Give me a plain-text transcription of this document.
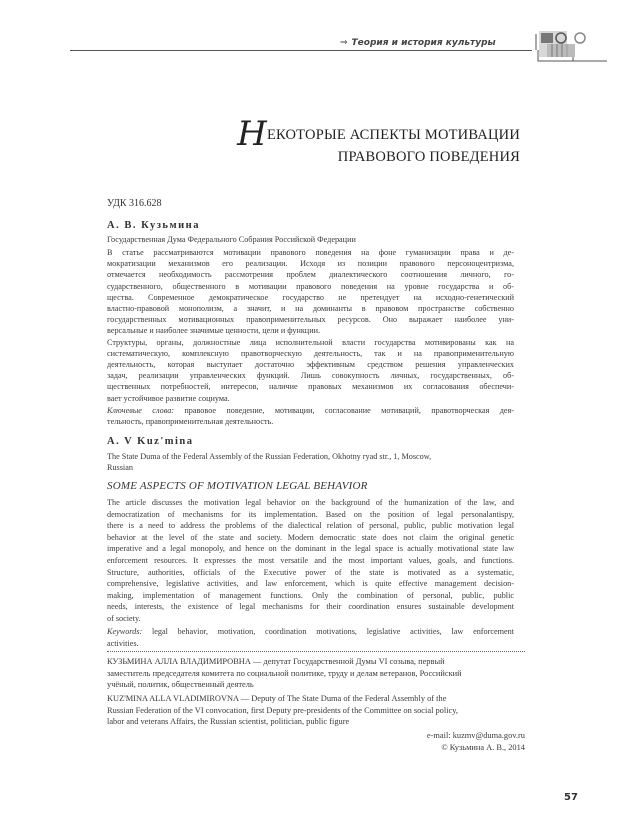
⇒ Теория и история культуры
НЕКОТОРЫЕ АСПЕКТЫ МОТИВАЦИИ
ПРАВОВОГО ПОВЕДЕНИЯ
УДК 316.628
А. В. Кузьмина
Государственная Дума Федерального Собрания Российской Федерации
В статье рассматриваются мотивации правового поведения на фоне гуманизации права и де-
мократизации механизмов его реализации. Исходя из позиции правового персоноцентризма,
отмечается необходимость рассмотрения проблем диалектического соотношения личного, го-
сударственного, общественного в мотивации правового поведения на уровне государства и об-
щества. Современное демократическое государство не претендует на исходно-генетический
властно-правовой монополизм, а значит, и на доминанты в правовом пространстве собственно
государственных мотивационных правоприменительных ресурсов. Оно выражает наиболее уни-
версальные и наиболее значимые ценности, цели и функции.
Структуры, органы, должностные лица исполнительной власти государства мотивированы как на
систематическую, комплексную правотворческую деятельность, так и на правоприменительную
деятельность, которая выступает достаточно эффективным средством решения управленческих
задач, реализации управленческих функций. Лишь совокупность личных, государственных, об-
щественных потребностей, интересов, наличие правовых механизмов их согласования обеспечи-
вает устойчивое развитие социума.
Ключевые слова: правовое поведение, мотивации, согласование мотиваций, правотворческая дея-
тельность, правоприменительная деятельность.
A. V Kuz'mina
The State Duma of the Federal Assembly of the Russian Federation, Okhotny ryad str., 1, Moscow,
Russian
SOME ASPECTS OF MOTIVATION LEGAL BEHAVIOR
The article discusses the motivation legal behavior on the background of the humanization of the law, and
democratization of mechanisms for its implementation. Based on the position of legal personalantispy,
there is a need to address the problems of the dialectical relation of personal, public, public motivation legal
behavior at the level of the state and society. Modern democratic state does not claim the original genetic
imperative and a legal monopoly, and hence on the dominant in the legal space is actually motivational state law
enforcement resources. It expresses the most versatile and the most important values, goals, and functions.
Structure, authorities, officials of the Executive power of the state is motivated as a systematic,
comprehensive, legislative activities, and law enforcement, which is quite effective management decision-
making, implementation of management functions. Only the combination of personal, public, public
needs, interests, the existence of legal mechanisms for their coordination ensures sustainable development
of society.
Keywords: legal behavior, motivation, coordination motivations, legislative activities, law enforcement
activities.
КУЗЬМИНА АЛЛА ВЛАДИМИРОВНА — депутат Государственной Думы VI созыва, первый
заместитель председателя комитета по социальной политике, труду и делам ветеранов, Российский
учёный, политик, общественный деятель
KUZ'MINA ALLA VLADIMIROVNA — Deputy of The State Duma of the Federal Assembly of the
Russian Federation of the VI convocation, first Deputy pre-presidents of the Committee on social policy,
labor and veterans Affairs, the Russian scientist, politician, public figure
e-mail: kuzmv@duma.gov.ru
© Кузьмина А. В., 2014
57
